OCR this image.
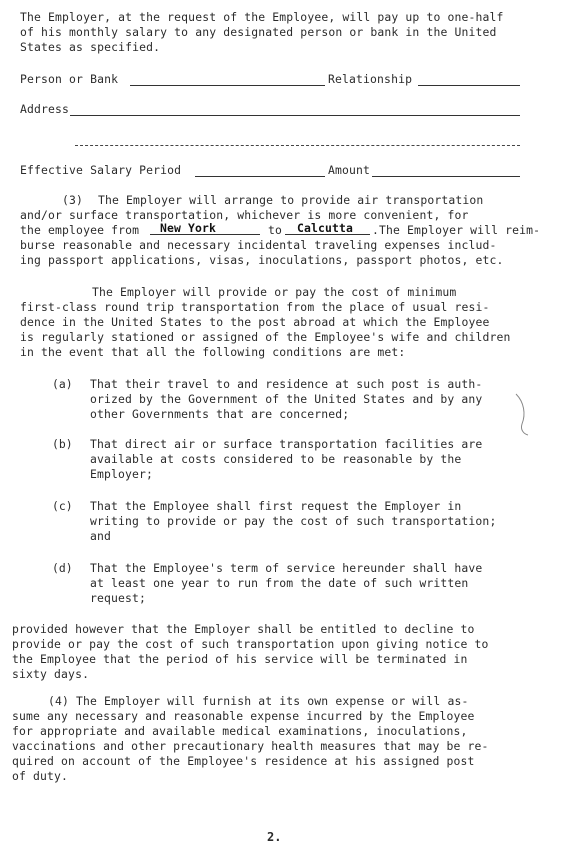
The Employer, at the request of the Employee, will pay up to one-half
of his monthly salary to any designated person or bank in the United
States as specified.
Person or Bank	Relationship
Address
Effective Salary Period	Amount
(3) The Employer will arrange to provide air transportation
and/or surface transportation, whichever is more convenient, for
the employee from New York	to Calcutta .The Employer will reim-
burse reasonable and necessary incidental traveling expenses includ-
ing passport applications, visas, inoculations, passport photos, etc.
The Employer will provide or pay the cost of minimum
first-class round trip transportation from the place of usual resi-
dence in the United States to the post abroad at which the Employee
is regularly stationed or assigned of the Employee's wife and children
in the event that all the following conditions are met:
(a) That their travel to and residence at such post is auth-
orized by the Government of the United States and by any
other Governments that are concerned;
(b) That direct air or surface transportation facilities are
available at costs considered to be reasonable by the
Employer;
(c) That the Employee shall first request the Employer in
writing to provide or pay the cost of such transportation;
and
(d) That the Employee's term of service hereunder shall have
at least one year to run from the date of such written
request;
provided however that the Employer shall be entitled to decline to
provide or pay the cost of such transportation upon giving notice to
the Employee that the period of his service will be terminated in
sixty days.
(4) The Employer will furnish at its own expense or will as-
sume any necessary and reasonable expense incurred by the Employee
for appropriate and available medical examinations, inoculations,
vaccinations and other precautionary health measures that may be re-
quired on account of the Employee's residence at his assigned post
of duty.
2.
